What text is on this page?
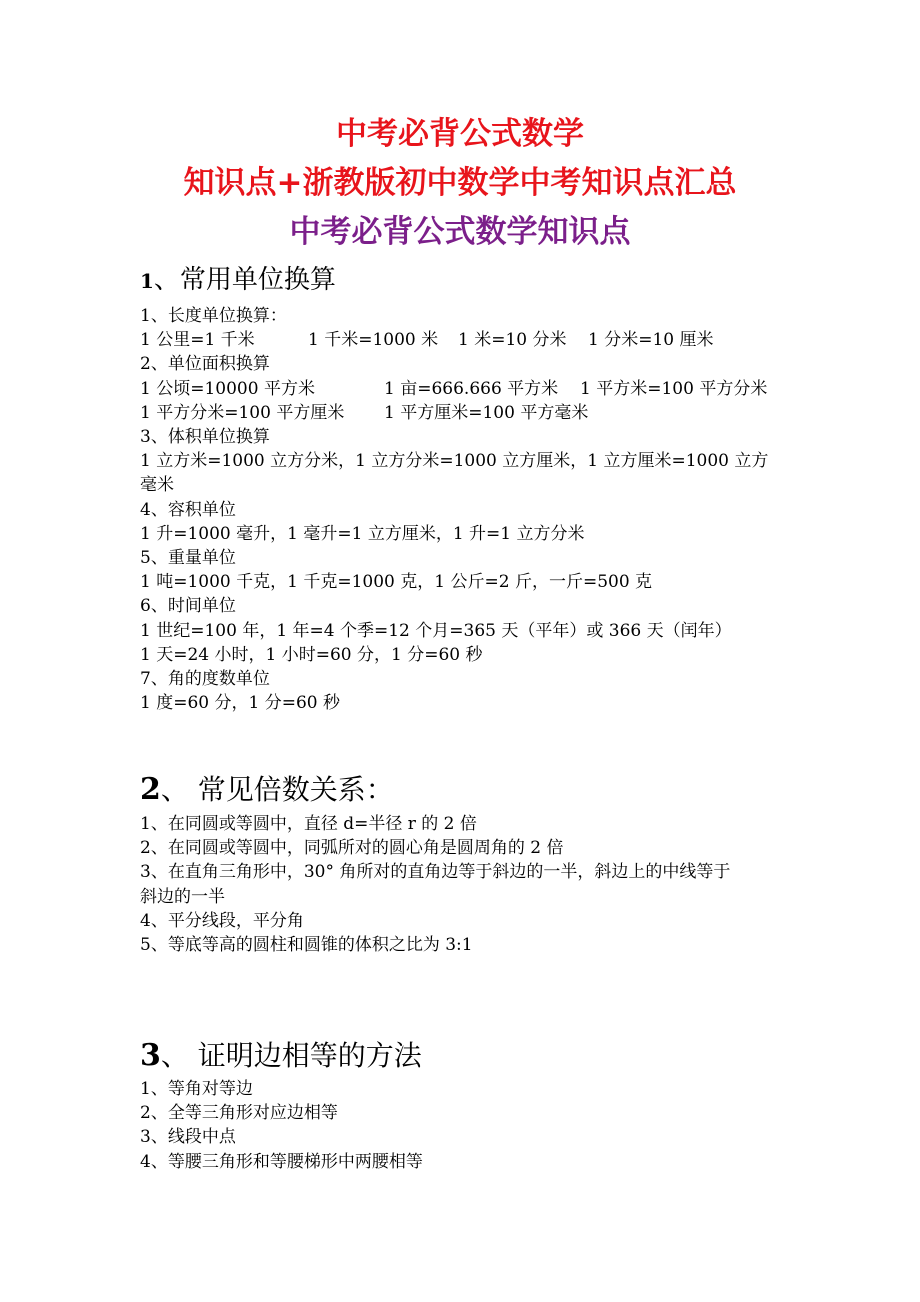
中考必背公式数学
知识点+浙教版初中数学中考知识点汇总
中考必背公式数学知识点
1、常用单位换算
1、长度单位换算：
1 公里=1 千米	1 千米=1000 米 1 米=10 分米 1 分米=10 厘米
2、单位面积换算
1 公顷=10000 平方米	1 亩=666.666 平方米 1 平方米=100 平方分米
1 平方分米=100 平方厘米 1 平方厘米=100 平方毫米
3、体积单位换算
1 立方米=1000 立方分米，1 立方分米=1000 立方厘米，1 立方厘米=1000 立方
毫米
4、容积单位
1 升=1000 毫升，1 毫升=1 立方厘米，1 升=1 立方分米
5、重量单位
1 吨=1000 千克，1 千克=1000 克，1 公斤=2 斤，一斤=500 克
6、时间单位
1 世纪=100 年，1 年=4 个季=12 个月=365 天（平年）或 366 天（闰年）
1 天=24 小时，1 小时=60 分，1 分=60 秒
7、角的度数单位
1 度=60 分，1 分=60 秒
2、 常见倍数关系：
1、在同圆或等圆中，直径 d=半径 r 的 2 倍
2、在同圆或等圆中，同弧所对的圆心角是圆周角的 2 倍
3、在直角三角形中，30° 角所对的直角边等于斜边的一半，斜边上的中线等于
斜边的一半
4、平分线段，平分角
5、等底等高的圆柱和圆锥的体积之比为 3:1
3、 证明边相等的方法
1、等角对等边
2、全等三角形对应边相等
3、线段中点
4、等腰三角形和等腰梯形中两腰相等
